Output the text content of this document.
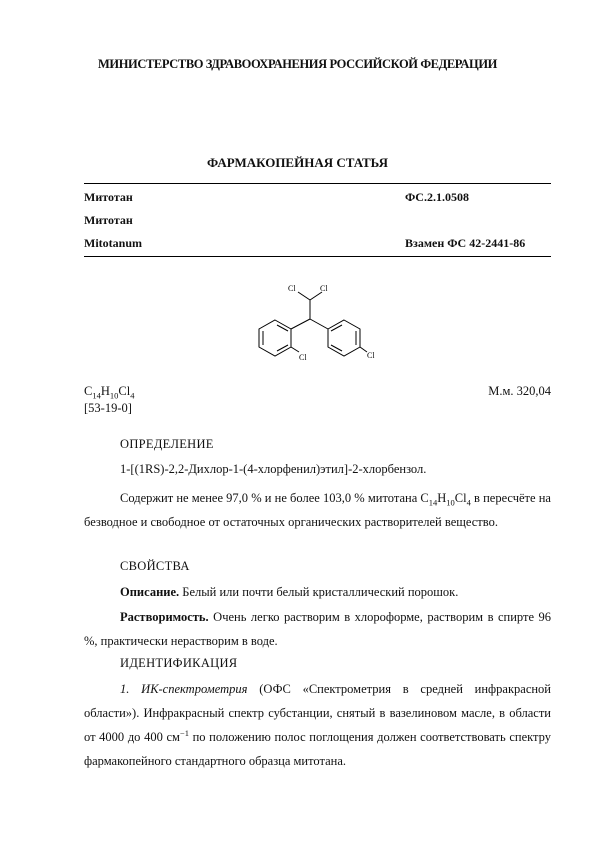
МИНИСТЕРСТВО ЗДРАВООХРАНЕНИЯ РОССИЙСКОЙ ФЕДЕРАЦИИ
ФАРМАКОПЕЙНАЯ СТАТЬЯ
Митотан	ФС.2.1.0508
Митотан
Mitotanum	Взамен ФС 42-2441-86
Cl	Cl
Cl	Cl
$C_{14}H_{10}Cl_4$
[53-19-0]
М.м. 320,04
ОПРЕДЕЛЕНИЕ

1-[(1RS)-2,2-Дихлор-1-(4-хлорфенил)этил]-2-хлорбензол.

Содержит не менее 97,0 % и не более 103,0 % митотана $C_{14}H_{10}Cl_4$ в пересчёте на безводное и свободное от остаточных органических растворителей вещество.

СВОЙСТВА

Описание. Белый или почти белый кристаллический порошок.

Растворимость. Очень легко растворим в хлороформе, растворим в спирте 96 %, практически нерастворим в воде.

ИДЕНТИФИКАЦИЯ

1. ИК-спектрометрия (ОФС «Спектрометрия в средней инфракрасной области»). Инфракрасный спектр субстанции, снятый в вазелиновом масле, в области от 4000 до 400 $см^{-1}$ по положению полос поглощения должен соответствовать спектру фармакопейного стандартного образца митотана.
